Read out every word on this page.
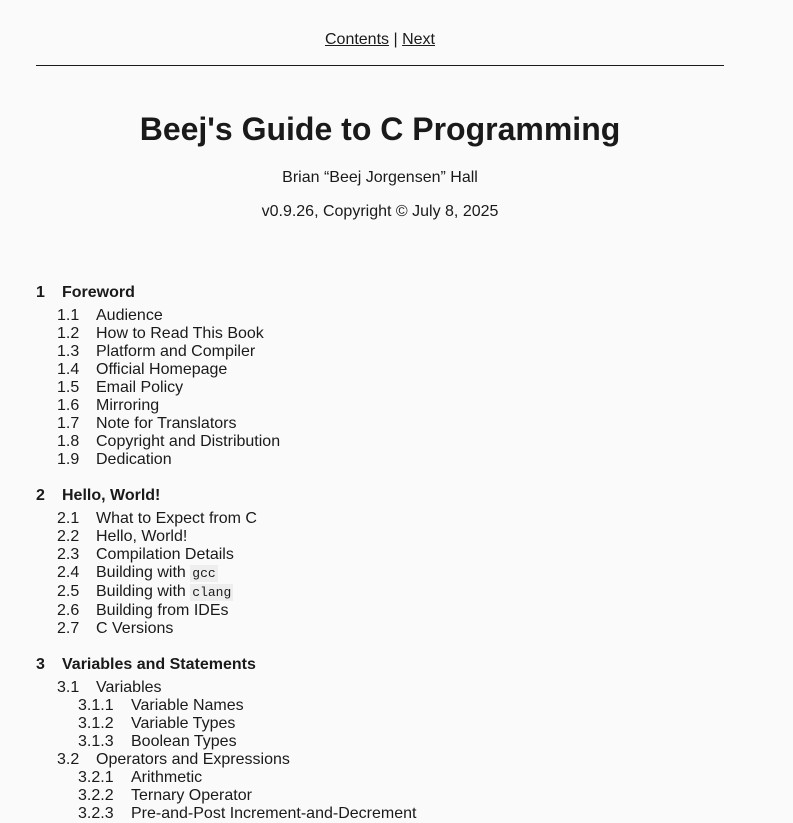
Contents | Next
Beej's Guide to C Programming
Brian “Beej Jorgensen” Hall
v0.9.26, Copyright © July 8, 2025
1 Foreword
1.1 Audience
1.2 How to Read This Book
1.3 Platform and Compiler
1.4 Official Homepage
1.5 Email Policy
1.6 Mirroring
1.7 Note for Translators
1.8 Copyright and Distribution
1.9 Dedication
2 Hello, World!
2.1 What to Expect from C
2.2 Hello, World!
2.3 Compilation Details
2.4 Building with gcc
2.5 Building with clang
2.6 Building from IDEs
2.7 C Versions
3 Variables and Statements
3.1 Variables
3.1.1 Variable Names
3.1.2 Variable Types
3.1.3 Boolean Types
3.2 Operators and Expressions
3.2.1 Arithmetic
3.2.2 Ternary Operator
3.2.3 Pre-and-Post Increment-and-Decrement
